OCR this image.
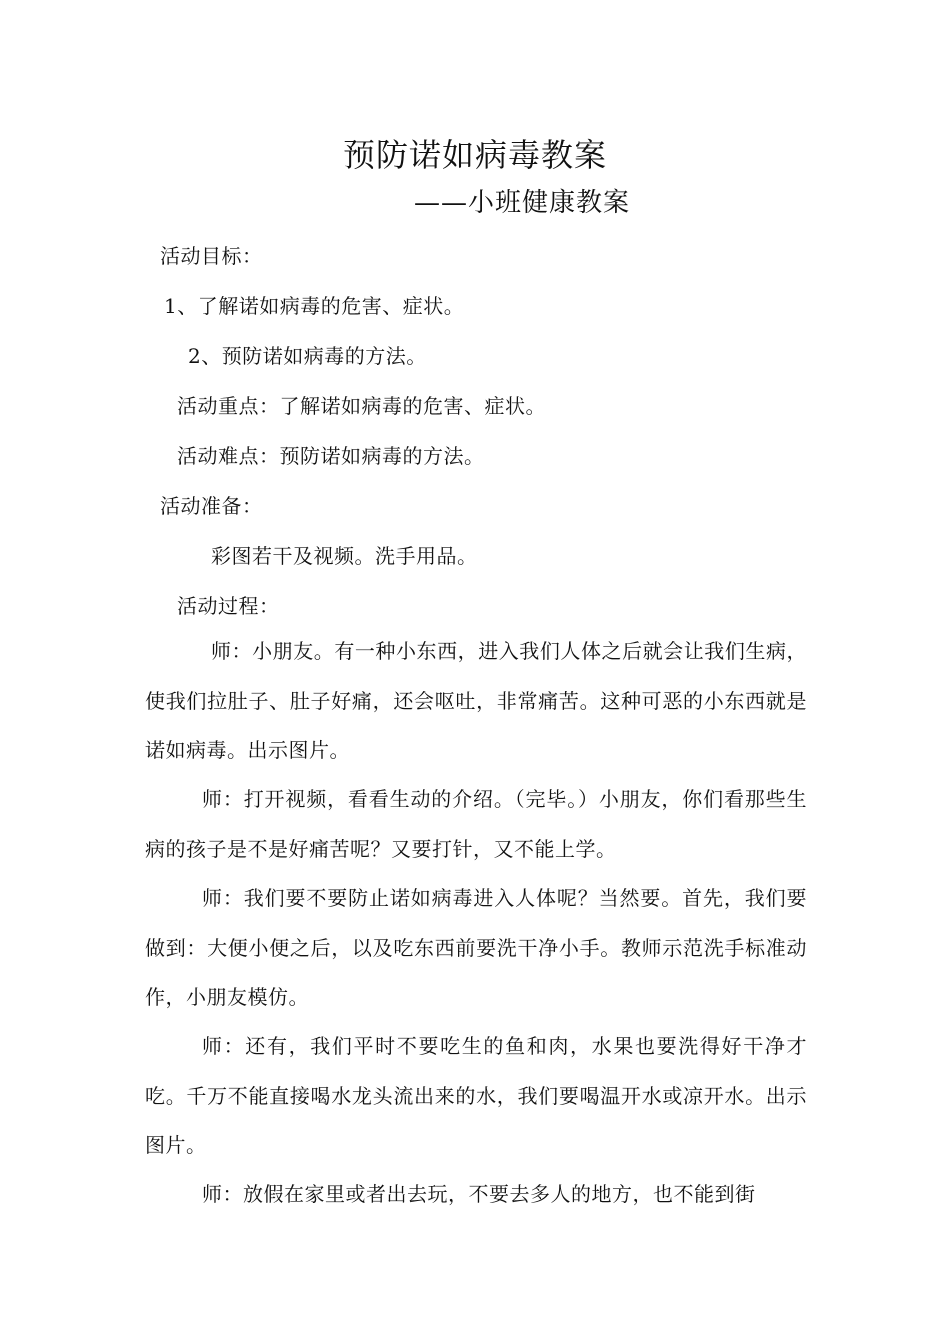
预防诺如病毒教案
——小班健康教案
活动目标：
1、了解诺如病毒的危害、症状。
2、预防诺如病毒的方法。
活动重点：了解诺如病毒的危害、症状。
活动难点：预防诺如病毒的方法。
活动准备：
彩图若干及视频。洗手用品。
活动过程：
师：小朋友。有一种小东西，进入我们人体之后就会让我们生病，使我们拉肚子、肚子好痛，还会呕吐，非常痛苦。这种可恶的小东西就是诺如病毒。出示图片。
师：打开视频，看看生动的介绍。（完毕。）小朋友，你们看那些生病的孩子是不是好痛苦呢？又要打针，又不能上学。
师：我们要不要防止诺如病毒进入人体呢？当然要。首先，我们要做到：大便小便之后，以及吃东西前要洗干净小手。教师示范洗手标准动作，小朋友模仿。
师：还有，我们平时不要吃生的鱼和肉，水果也要洗得好干净才吃。千万不能直接喝水龙头流出来的水，我们要喝温开水或凉开水。出示图片。
师：放假在家里或者出去玩，不要去多人的地方，也不能到街
